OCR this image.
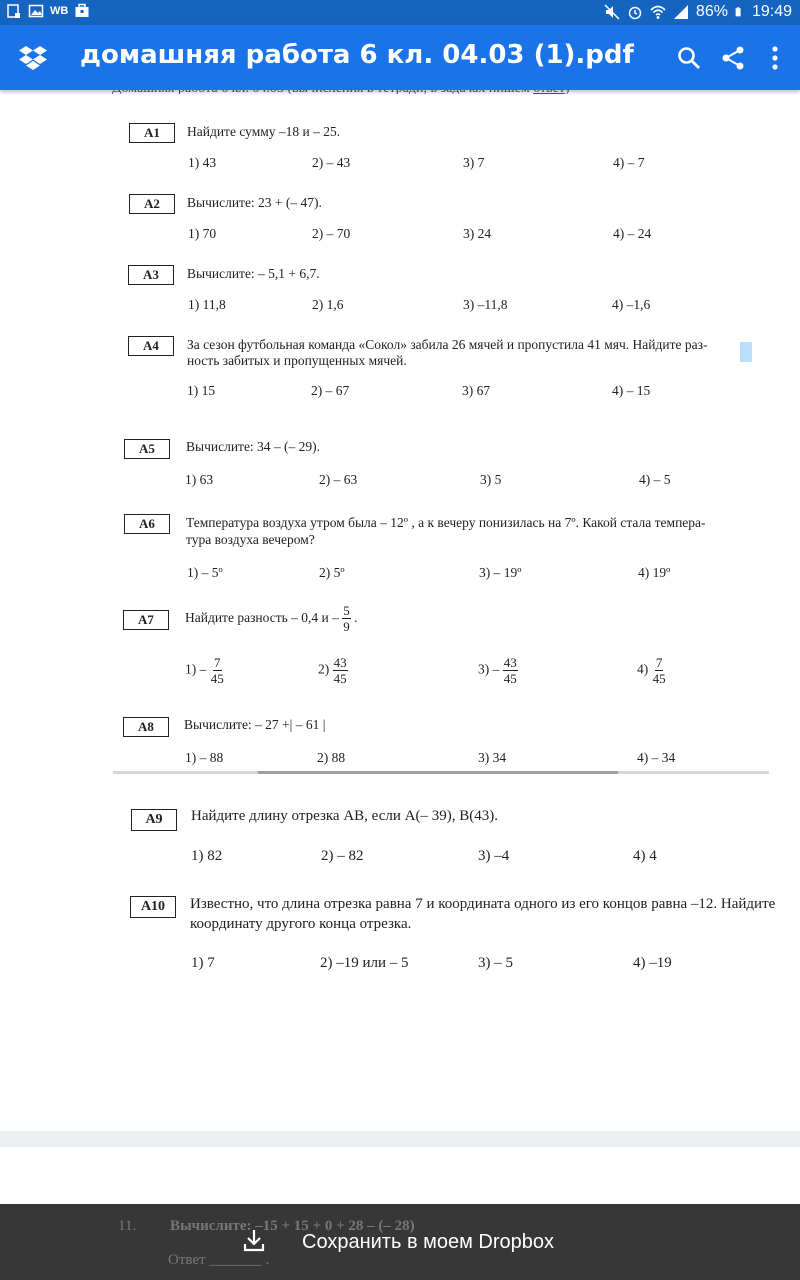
WB	86% 19:49
домашняя работа 6 кл. 04.03 (1).pdf
A1	Найдите сумму –18 и – 25.
1) 43	2) – 43	3) 7	4) – 7
A2	Вычислите: 23 + (– 47).
1) 70	2) – 70	3) 24	4) – 24
A3	Вычислите: – 5,1 + 6,7.
1) 11,8	2) 1,6	3) –11,8	4) –1,6
A4	За сезон футбольная команда «Сокол» забила 26 мячей и пропустила 41 мяч. Найдите раз-
ность забитых и пропущенных мячей.
1) 15	2) – 67	3) 67	4) – 15
A5	Вычислите: 34 – (– 29).
1) 63	2) – 63	3) 5	4) – 5
A6	Температура воздуха утром была – 12º , а к вечеру понизилась на 7º. Какой стала темпера-
тура воздуха вечером?
1) – 5º	2) 5º	3) – 19º	4) 19º
A7	Найдите разность – 0,4 и – $\frac{5}{9}$ .
$1) - \frac{7}{45}$	$2) \frac{43}{45}$	$3) - \frac{43}{45}$	$4) \frac{7}{45}$
A8	Вычислите: – 27 +| – 61 |
1) – 88	2) 88	3) 34	4) – 34
A9	Найдите длину отрезка АВ, если А(– 39), В(43).
1) 82	2) – 82	3) –4	4) 4
A10	Известно, что длина отрезка равна 7 и координата одного из его концов равна –12. Найдите
координату другого конца отрезка.
1) 7	2) –19 или – 5	3) – 5	4) –19
11. Вычислите: –15 + 15 + 0 + 28 – (– 28)
Ответ _______ .
Сохранить в моем Dropbox
